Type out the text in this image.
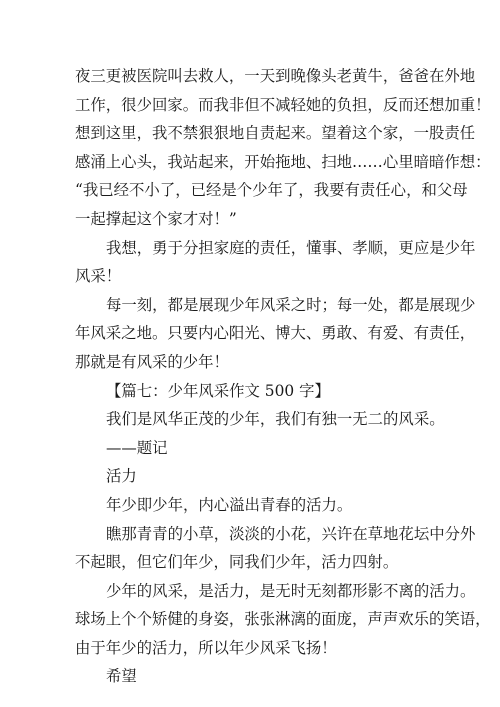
夜三更被医院叫去救人，一天到晚像头老黄牛，爸爸在外地
工作，很少回家。而我非但不减轻她的负担，反而还想加重！
想到这里，我不禁狠狠地自责起来。望着这个家，一股责任
感涌上心头，我站起来，开始拖地、扫地……心里暗暗作想：
“我已经不小了，已经是个少年了，我要有责任心，和父母
一起撑起这个家才对！”
我想，勇于分担家庭的责任，懂事、孝顺，更应是少年
风采！
每一刻，都是展现少年风采之时；每一处，都是展现少
年风采之地。只要内心阳光、博大、勇敢、有爱、有责任，
那就是有风采的少年！
【篇七：少年风采作文 500 字】
我们是风华正茂的少年，我们有独一无二的风采。
——题记
活力
年少即少年，内心溢出青春的活力。
瞧那青青的小草，淡淡的小花，兴许在草地花坛中分外
不起眼，但它们年少，同我们少年，活力四射。
少年的风采，是活力，是无时无刻都形影不离的活力。
球场上个个矫健的身姿，张张淋漓的面庞，声声欢乐的笑语，
由于年少的活力，所以年少风采飞扬！
希望
